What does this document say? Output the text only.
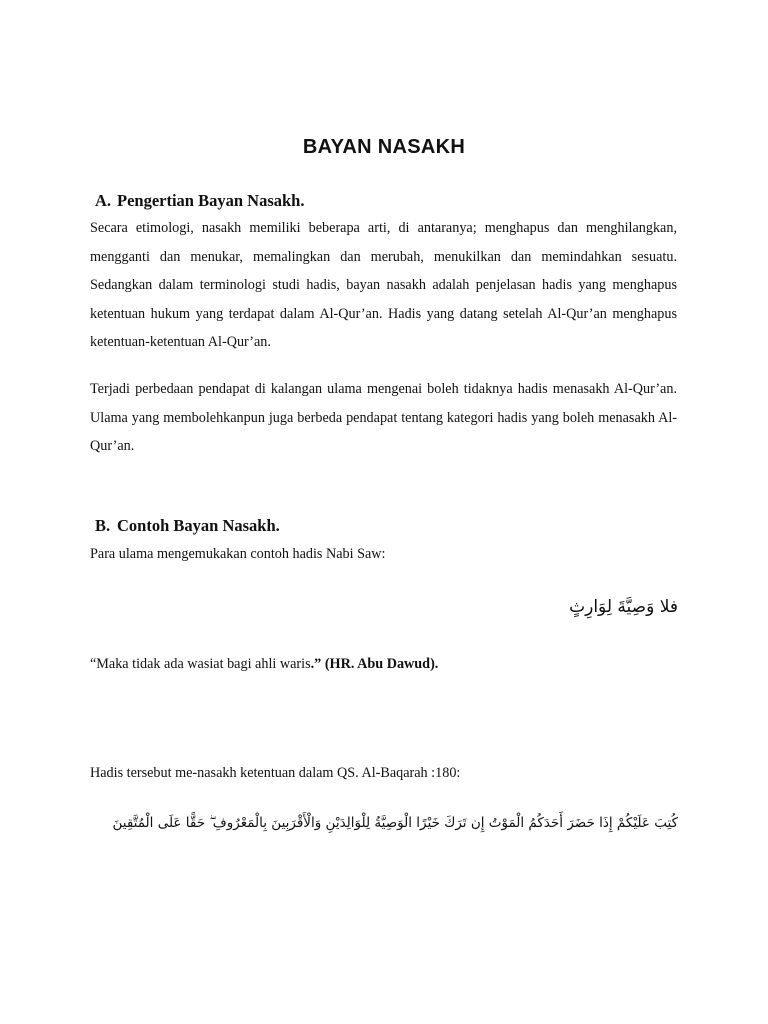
BAYAN NASAKH
A. Pengertian Bayan Nasakh.

Secara etimologi, nasakh memiliki beberapa arti, di antaranya; menghapus dan menghilangkan, mengganti dan menukar, memalingkan dan merubah, menukilkan dan memindahkan sesuatu. Sedangkan dalam terminologi studi hadis, bayan nasakh adalah penjelasan hadis yang menghapus ketentuan hukum yang terdapat dalam Al-Qur’an. Hadis yang datang setelah Al-Qur’an menghapus ketentuan-ketentuan Al-Qur’an.

Terjadi perbedaan pendapat di kalangan ulama mengenai boleh tidaknya hadis menasakh Al-Qur’an. Ulama yang membolehkanpun juga berbeda pendapat tentang kategori hadis yang boleh menasakh Al-Qur’an.

B. Contoh Bayan Nasakh.
Para ulama mengemukakan contoh hadis Nabi Saw:
فلا وَصِيَّةَ لِوَارِثٍ
“Maka tidak ada wasiat bagi ahli waris.” (HR. Abu Dawud).
Hadis tersebut me-nasakh ketentuan dalam QS. Al-Baqarah :180:
كُتِبَ عَلَيْكُمْ إِذَا حَضَرَ أَحَدَكُمُ الْمَوْتُ إِن تَرَكَ خَيْرًا الْوَصِيَّةُ لِلْوَالِدَيْنِ وَالْأَقْرَبِينَ بِالْمَعْرُوفِ ۖ حَقًّا عَلَى الْمُتَّقِينَ
